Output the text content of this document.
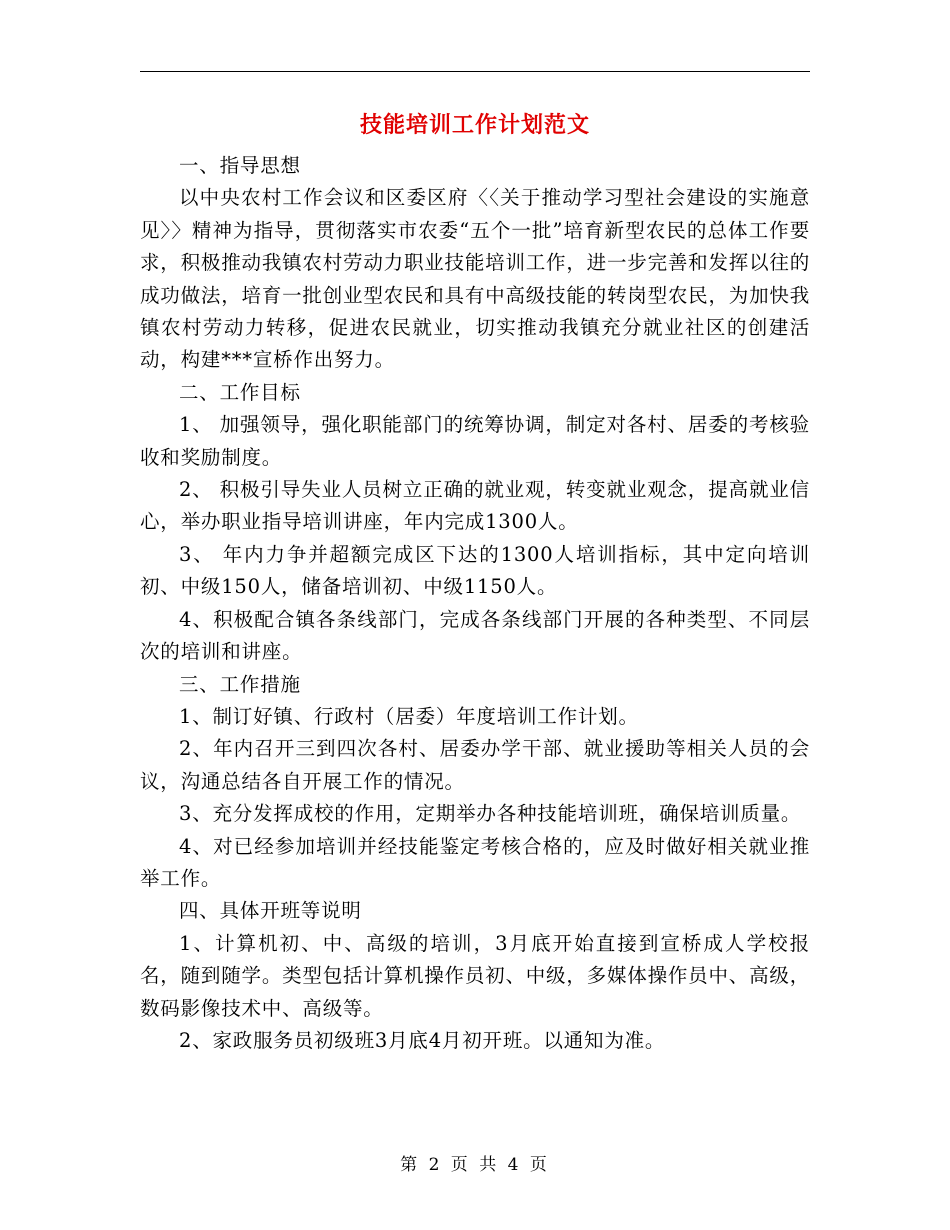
技能培训工作计划范文

一、指导思想

以中央农村工作会议和区委区府〈〈关于推动学习型社会建设的实施意见〉〉精神为指导，贯彻落实市农委“五个一批”培育新型农民的总体工作要求，积极推动我镇农村劳动力职业技能培训工作，进一步完善和发挥以往的成功做法，培育一批创业型农民和具有中高级技能的转岗型农民，为加快我镇农村劳动力转移，促进农民就业，切实推动我镇充分就业社区的创建活动，构建***宣桥作出努力。

二、工作目标

1、 加强领导，强化职能部门的统筹协调，制定对各村、居委的考核验收和奖励制度。

2、 积极引导失业人员树立正确的就业观，转变就业观念，提高就业信心，举办职业指导培训讲座，年内完成1300人。

3、 年内力争并超额完成区下达的1300人培训指标，其中定向培训初、中级150人，储备培训初、中级1150人。

4、积极配合镇各条线部门，完成各条线部门开展的各种类型、不同层次的培训和讲座。

三、工作措施

1、制订好镇、行政村（居委）年度培训工作计划。

2、年内召开三到四次各村、居委办学干部、就业援助等相关人员的会议，沟通总结各自开展工作的情况。

3、充分发挥成校的作用，定期举办各种技能培训班，确保培训质量。

4、对已经参加培训并经技能鉴定考核合格的，应及时做好相关就业推举工作。

四、具体开班等说明

1、计算机初、中、高级的培训，3月底开始直接到宣桥成人学校报名，随到随学。类型包括计算机操作员初、中级，多媒体操作员中、高级，数码影像技术中、高级等。

2、家政服务员初级班3月底4月初开班。以通知为准。

第 2 页 共 4 页
